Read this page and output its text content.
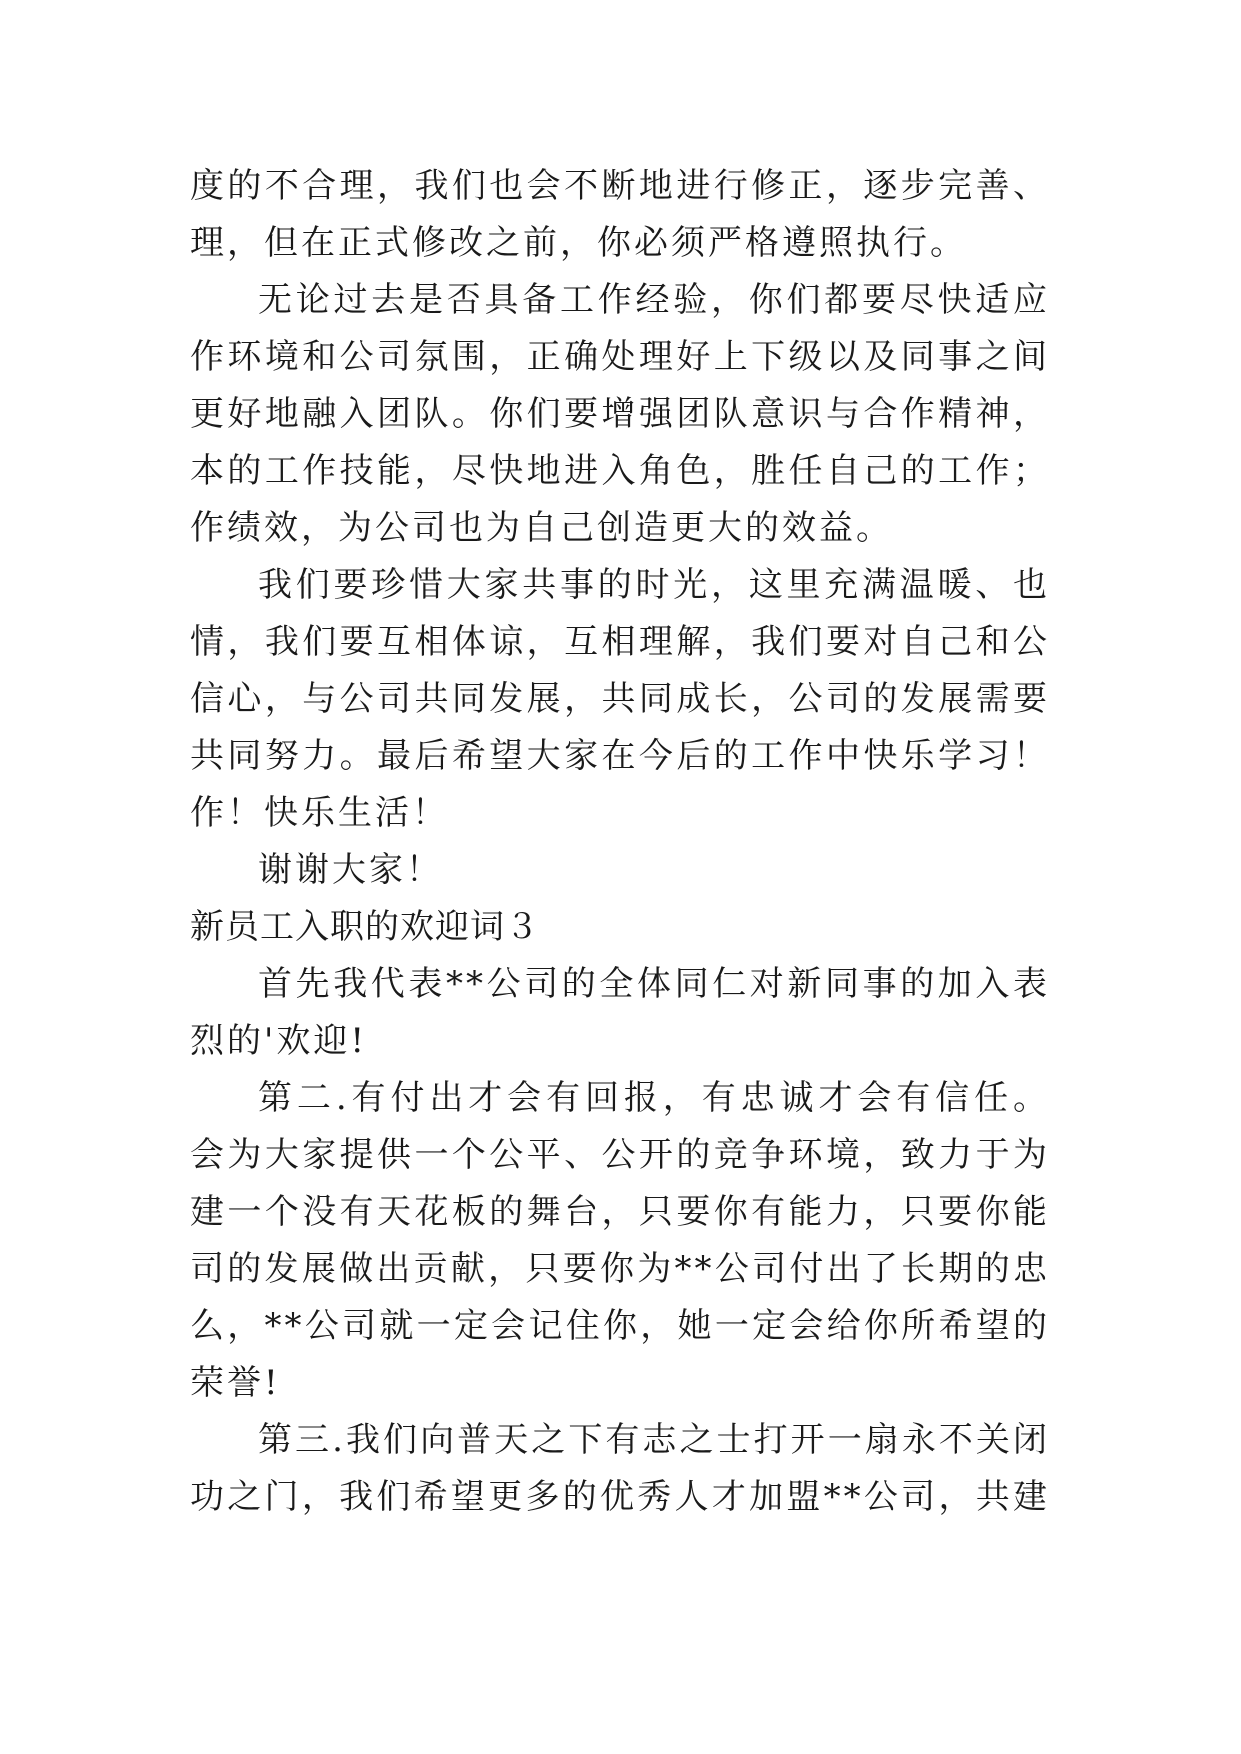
度的不合理，我们也会不断地进行修正，逐步完善、
理，但在正式修改之前，你必须严格遵照执行。
无论过去是否具备工作经验，你们都要尽快适应
作环境和公司氛围，正确处理好上下级以及同事之间
更好地融入团队。你们要增强团队意识与合作精神，
本的工作技能，尽快地进入角色，胜任自己的工作；
作绩效，为公司也为自己创造更大的效益。
我们要珍惜大家共事的时光，这里充满温暖、也
情，我们要互相体谅，互相理解，我们要对自己和公
信心，与公司共同发展，共同成长，公司的发展需要
共同努力。最后希望大家在今后的工作中快乐学习！
作！快乐生活！
谢谢大家！
新员工入职的欢迎词３
首先我代表**公司的全体同仁对新同事的加入表
烈的'欢迎!
第二.有付出才会有回报，有忠诚才会有信任。
会为大家提供一个公平、公开的竞争环境，致力于为
建一个没有天花板的舞台，只要你有能力，只要你能
司的发展做出贡献，只要你为**公司付出了长期的忠
么，**公司就一定会记住你，她一定会给你所希望的
荣誉!
第三.我们向普天之下有志之士打开一扇永不关闭
功之门，我们希望更多的优秀人才加盟**公司，共建
